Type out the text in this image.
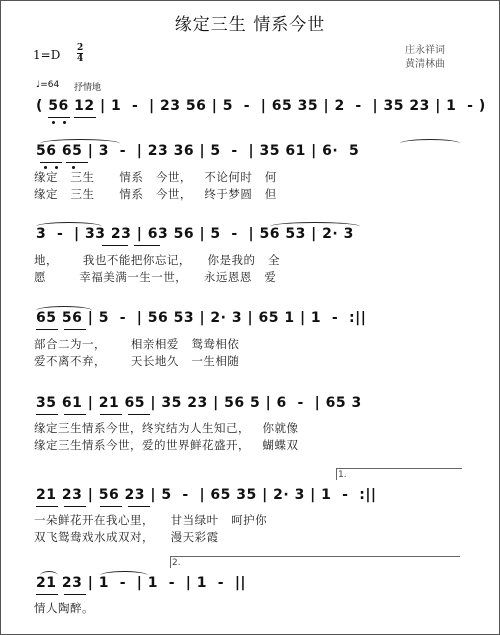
缘定三生 情系今世
1=D 2
4
庄永祥词
黄清林曲
♩=64 抒情地
( 56 12 | 1  -  | 23 56 | 5  -  | 65 35 | 2  -  | 35 23 | 1  - )
56 65 | 3  -  | 23 36 | 5  -  | 35 61 | 6·  5
缘定   三生      情系   今世，   不论何时   何
缘定   三生      情系   今世，   终于梦圆   但
3  -  | 33 23 | 63 56 | 5  -  | 56 53 | 2· 3
地，      我也不能把你忘记，    你是我的   全
愿        幸福美满一生一世，    永远恩恩   爱
65 56 | 5  -  | 56 53 | 2· 3 | 65 1 | 1  -  :||
部合二为一，      相亲相爱   鸳鸯相依
爱不离不弃，      天长地久   一生相随
35 61 | 21 65 | 35 23 | 56 5 | 6  -  | 65 3
缘定三生情系今世，终究结为人生知己，   你就像
缘定三生情系今世，爱的世界鲜花盛开，   蝴蝶双
1.
21 23 | 56 23 | 5  -  | 65 35 | 2· 3 | 1  -  :||
一朵鲜花开在我心里，    甘当绿叶   呵护你
双飞鸳鸯戏水成双对，    漫天彩霞
2.
21 23 | 1  -  | 1  -  | 1  -  ||
情人陶醉。
